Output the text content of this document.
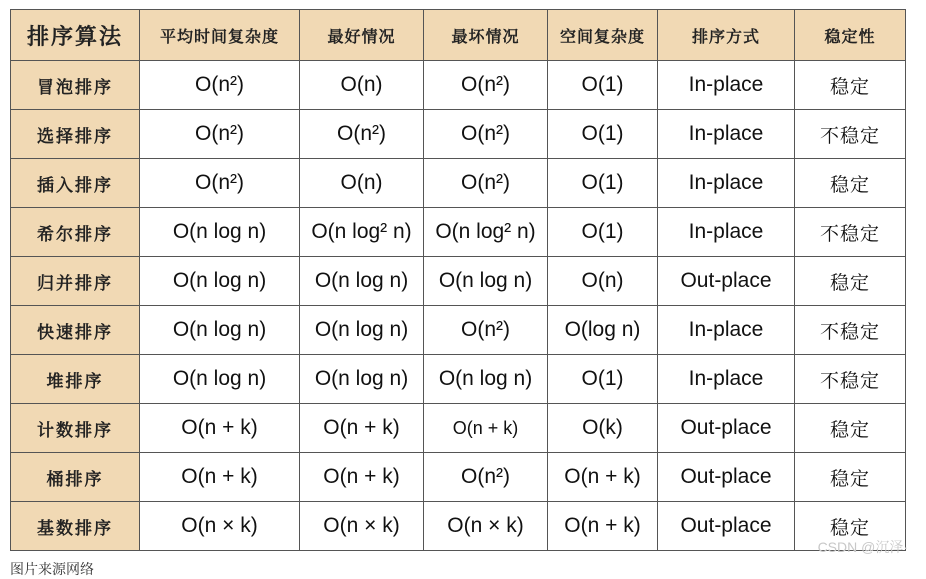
排序算法	平均时间复杂度	最好情况	最坏情况	空间复杂度	排序方式	稳定性
冒泡排序	O(n²)	O(n)	O(n²)	O(1)	In-place	稳定
选择排序	O(n²)	O(n²)	O(n²)	O(1)	In-place	不稳定
插入排序	O(n²)	O(n)	O(n²)	O(1)	In-place	稳定
希尔排序	O(n log n)	O(n log² n)	O(n log² n)	O(1)	In-place	不稳定
归并排序	O(n log n)	O(n log n)	O(n log n)	O(n)	Out-place	稳定
快速排序	O(n log n)	O(n log n)	O(n²)	O(log n)	In-place	不稳定
堆排序	O(n log n)	O(n log n)	O(n log n)	O(1)	In-place	不稳定
计数排序	O(n + k)	O(n + k)	O(n + k)	O(k)	Out-place	稳定
桶排序	O(n + k)	O(n + k)	O(n²)	O(n + k)	Out-place	稳定
基数排序	O(n × k)	O(n × k)	O(n × k)	O(n + k)	Out-place	稳定
CSDN @沉泽·
图片来源网络
